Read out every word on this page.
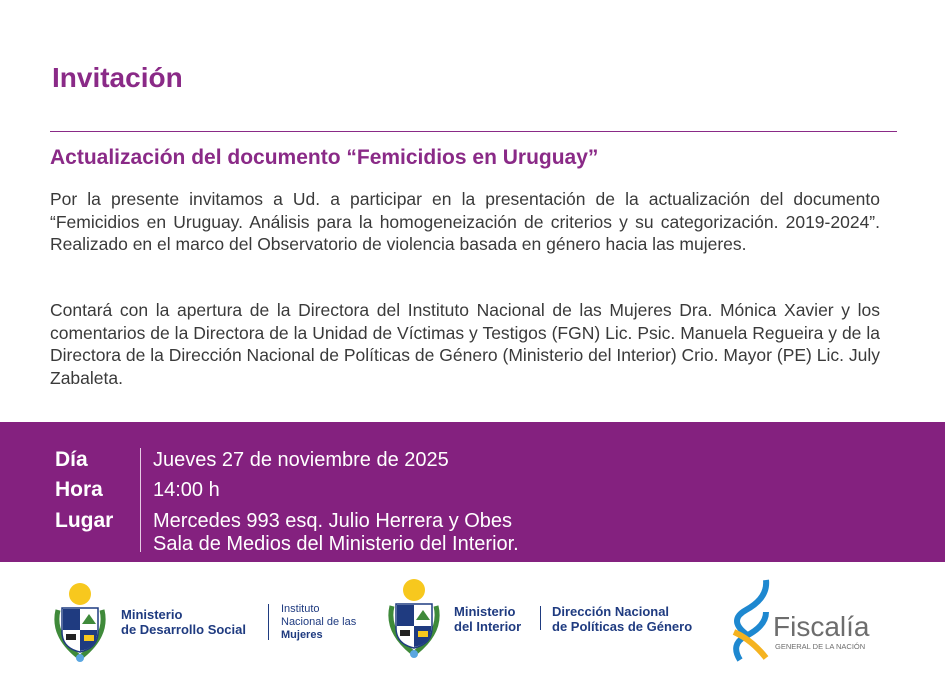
Invitación
Actualización del documento “Femicidios en Uruguay”
Por la presente invitamos a Ud. a participar en la presentación de la actualización del documento “Femicidios en Uruguay. Análisis para la homogeneización de criterios y su categorización. 2019-2024”. Realizado en el marco del Observatorio de violencia basada en género hacia las mujeres.
Contará con la apertura de la Directora del Instituto Nacional de las Mujeres Dra. Mónica Xavier y los comentarios de la Directora de la Unidad de Víctimas y Testigos (FGN) Lic. Psic. Manuela Regueira y de la Directora de la Dirección Nacional de Políticas de Género (Ministerio del Interior) Crio. Mayor (PE) Lic. July Zabaleta.
Día	Jueves 27 de noviembre de 2025
Hora	14:00 h
Lugar Mercedes 993 esq. Julio Herrera y Obes
Sala de Medios del Ministerio del Interior.
Ministerio
de Desarrollo Social
Instituto
Nacional de las
Mujeres
Ministerio
del Interior
Dirección Nacional
de Políticas de Género	Fiscalía
GENERAL DE LA NACIÓN
